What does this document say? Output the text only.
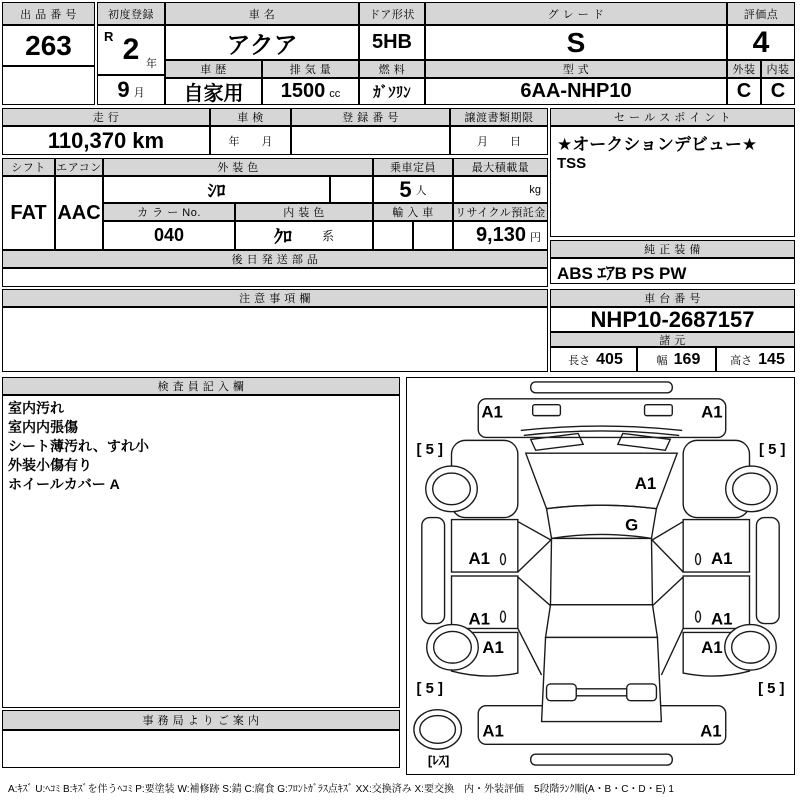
出 品 番 号
263
初度登録
R 2 年
9 月
車 名
アクア
ドア形状
5HB
グ レ ー ド
S
評価点
4
車 歴
自家用
排 気 量
1500 cc
燃 料
ｶﾞｿﾘﾝ
型 式
6AA-NHP10
外装	内装
C C
走 行
110,370 km
車 検
年　　月
登 録 番 号	譲渡書類期限
月　　日
セ ー ル ス ポ イ ン ト
★オークションデビュー★
TSS
シフト エアコン	外 装 色	乗車定員	最大積載量
FAT AAC
ｼﾛ	5 人	kg
カ ラ ー No.	内 装 色	輸 入 車	リサイクル預託金
040	ｸﾛ	系	9,130 円
後 日 発 送 部 品
純 正 装 備
ABS ｴｱB PS PW
注 意 事 項 欄	車 台 番 号
NHP10-2687157
諸 元
長さ 405	幅 169	高さ 145
検 査 員 記 入 欄
室内汚れ
室内内張傷
シート薄汚れ、すれ小
外装小傷有り
ホイールカバー A
事 務 局 よ り ご 案 内
A1	A1
A1
G
A1	A1
A1	A1
A1	A1
A1	A1
[ 5 ]	[ 5 ]
[ 5 ]	[ 5 ]
[ﾚｽ]
A:ｷｽﾞ U:ﾍｺﾐ B:ｷｽﾞを伴うﾍｺﾐ P:要塗装 W:補修跡 S:錆 C:腐食 G:ﾌﾛﾝﾄｶﾞﾗｽ点ｷｽﾞ XX:交換済み X:要交換　内・外装評価　5段階ﾗﾝｸ順(A・B・C・D・E) 1
